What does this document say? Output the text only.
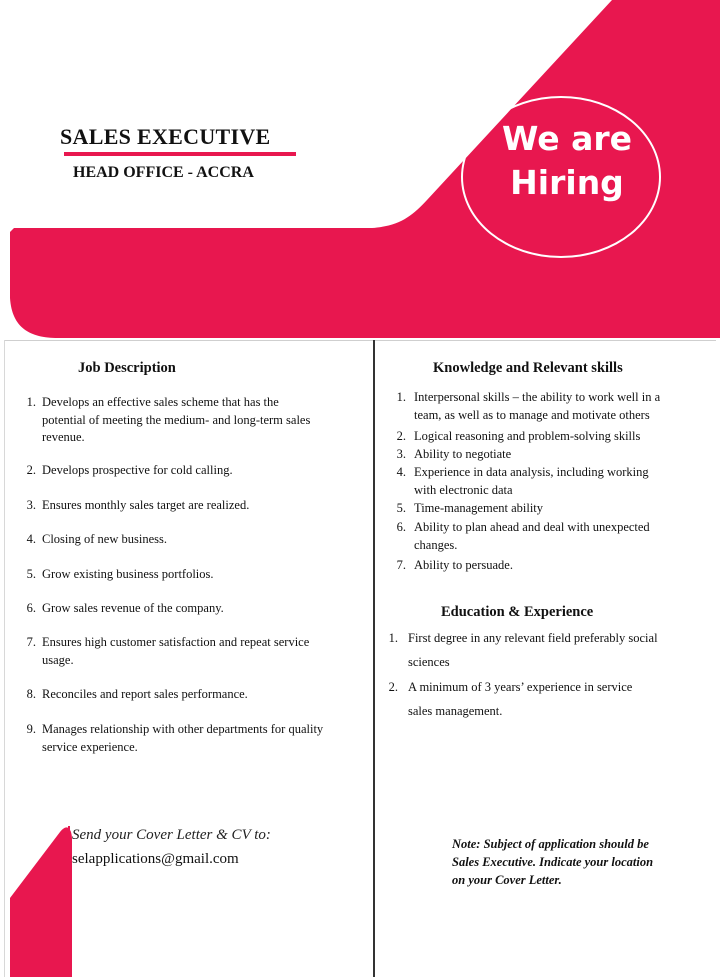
SALES EXECUTIVE
HEAD OFFICE - ACCRA
We are
Hiring
Job Description
1. Develops an effective sales scheme that has the
potential of meeting the medium- and long-term sales
revenue.
2. Develops prospective for cold calling.
3. Ensures monthly sales target are realized.
4. Closing of new business.
5. Grow existing business portfolios.
6. Grow sales revenue of the company.
7. Ensures high customer satisfaction and repeat service
usage.
8. Reconciles and report sales performance.
9. Manages relationship with other departments for quality
service experience.
Knowledge and Relevant skills
1. Interpersonal skills – the ability to work well in a
team, as well as to manage and motivate others
2. Logical reasoning and problem-solving skills
3. Ability to negotiate
4. Experience in data analysis, including working
with electronic data
5. Time-management ability
6. Ability to plan ahead and deal with unexpected
changes.
7. Ability to persuade.
Education & Experience
1. First degree in any relevant field preferably social
sciences
2. A minimum of 3 years’ experience in service
sales management.
Send your Cover Letter & CV to:
selapplications@gmail.com
Note: Subject of application should be
Sales Executive. Indicate your location
on your Cover Letter.
